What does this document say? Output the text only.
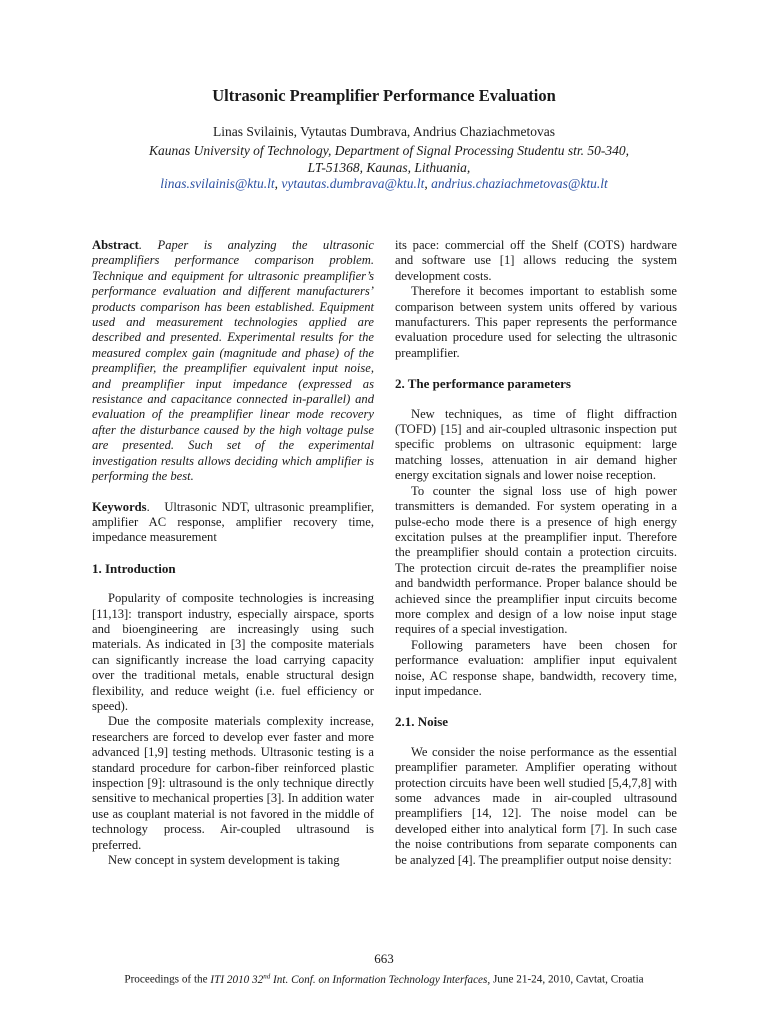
Ultrasonic Preamplifier Performance Evaluation
Linas Svilainis, Vytautas Dumbrava, Andrius Chaziachmetovas
Kaunas University of Technology, Department of Signal Processing Studentu str. 50-340,
LT-51368, Kaunas, Lithuania,
linas.svilainis@ktu.lt, vytautas.dumbrava@ktu.lt, andrius.chaziachmetovas@ktu.lt

Abstract. Paper is analyzing the ultrasonic preamplifiers performance comparison problem. Technique and equipment for ultrasonic preamplifier’s performance evaluation and different manufacturers’ products comparison has been established. Equipment used and measurement technologies applied are described and presented. Experimental results for the measured complex gain (magnitude and phase) of the preamplifier, the preamplifier equivalent input noise, and preamplifier input impedance (expressed as resistance and capacitance connected in-parallel) and evaluation of the preamplifier linear mode recovery after the disturbance caused by the high voltage pulse are presented. Such set of the experimental investigation results allows deciding which amplifier is performing the best.

Keywords.   Ultrasonic NDT, ultrasonic preamplifier, amplifier AC response, amplifier recovery time, impedance measurement

1. Introduction

Popularity of composite technologies is increasing [11,13]: transport industry, especially airspace, sports and bioengineering are increasingly using such materials. As indicated in [3] the composite materials can significantly increase the load carrying capacity over the traditional metals, enable structural design flexibility, and reduce weight (i.e. fuel efficiency or speed).

Due the composite materials complexity increase, researchers are forced to develop ever faster and more advanced [1,9] testing methods. Ultrasonic testing is a standard procedure for carbon-fiber reinforced plastic inspection [9]: ultrasound is the only technique directly sensitive to mechanical properties [3]. In addition water use as couplant material is not favored in the middle of technology process. Air-coupled ultrasound is preferred.

New concept in system development is taking

its pace: commercial off the Shelf (COTS) hardware and software use [1] allows reducing the system development costs.

Therefore it becomes important to establish some comparison between system units offered by various manufacturers. This paper represents the performance evaluation procedure used for selecting the ultrasonic preamplifier.

2. The performance parameters

New techniques, as time of flight diffraction (TOFD) [15] and air-coupled ultrasonic inspection put specific problems on ultrasonic equipment: large matching losses, attenuation in air demand higher energy excitation signals and lower noise reception.

To counter the signal loss use of high power transmitters is demanded. For system operating in a pulse-echo mode there is a presence of high energy excitation pulses at the preamplifier input. Therefore the preamplifier should contain a protection circuits. The protection circuit de-rates the preamplifier noise and bandwidth performance. Proper balance should be achieved since the preamplifier input circuits become more complex and design of a low noise input stage requires of a special investigation.

Following parameters have been chosen for performance evaluation: amplifier input equivalent noise, AC response shape, bandwidth, recovery time, input impedance.

2.1. Noise

We consider the noise performance as the essential preamplifier parameter. Amplifier operating without protection circuits have been well studied [5,4,7,8] with some advances made in air-coupled ultrasound preamplifiers [14, 12]. The noise model can be developed either into analytical form [7]. In such case the noise contributions from separate components can be analyzed [4]. The preamplifier output noise density:

663
Proceedings of the ITI 2010 32nd Int. Conf. on Information Technology Interfaces, June 21-24, 2010, Cavtat, Croatia
